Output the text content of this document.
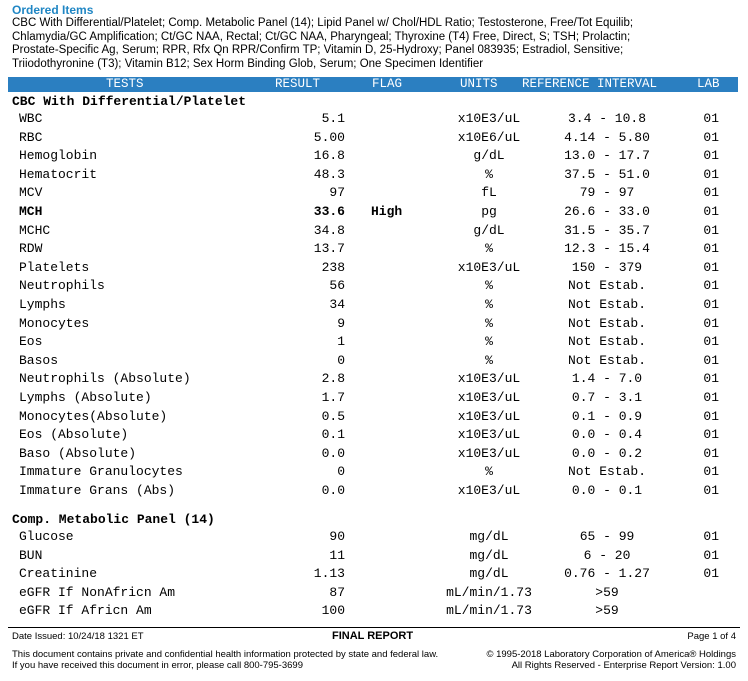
Ordered Items
CBC With Differential/Platelet; Comp. Metabolic Panel (14); Lipid Panel w/ Chol/HDL Ratio; Testosterone, Free/Tot Equilib;
Chlamydia/GC Amplification; Ct/GC NAA, Rectal; Ct/GC NAA, Pharyngeal; Thyroxine (T4) Free, Direct, S; TSH; Prolactin;
Prostate-Specific Ag, Serum; RPR, Rfx Qn RPR/Confirm TP; Vitamin D, 25-Hydroxy; Panel 083935; Estradiol, Sensitive;
Triiodothyronine (T3); Vitamin B12; Sex Horm Binding Glob, Serum; One Specimen Identifier
TESTS	RESULT	FLAG	UNITS REFERENCE INTERVAL	LAB
CBC With Differential/Platelet
WBC	5.1	x10E3/uL	3.4 - 10.8	01
RBC	5.00	x10E6/uL	4.14 - 5.80	01
Hemoglobin	16.8	g/dL	13.0 - 17.7	01
Hematocrit	48.3	%	37.5 - 51.0	01
MCV	97	fL	79 - 97	01
MCH	33.6 High	pg	26.6 - 33.0	01
MCHC	34.8	g/dL	31.5 - 35.7	01
RDW	13.7	%	12.3 - 15.4	01
Platelets	238	x10E3/uL	150 - 379	01
Neutrophils	56	%	Not Estab.	01
Lymphs	34	%	Not Estab.	01
Monocytes	9	%	Not Estab.	01
Eos	1	%	Not Estab.	01
Basos	0	%	Not Estab.	01
Neutrophils (Absolute)	2.8	x10E3/uL	1.4 - 7.0	01
Lymphs (Absolute)	1.7	x10E3/uL	0.7 - 3.1	01
Monocytes(Absolute)	0.5	x10E3/uL	0.1 - 0.9	01
Eos (Absolute)	0.1	x10E3/uL	0.0 - 0.4	01
Baso (Absolute)	0.0	x10E3/uL	0.0 - 0.2	01
Immature Granulocytes	0	%	Not Estab.	01
Immature Grans (Abs)	0.0	x10E3/uL	0.0 - 0.1	01
Comp. Metabolic Panel (14)
Glucose	90	mg/dL	65 - 99	01
BUN	11	mg/dL	6 - 20	01
Creatinine	1.13	mg/dL	0.76 - 1.27	01
eGFR If NonAfricn Am	87	mL/min/1.73	>59
eGFR If Africn Am	100	mL/min/1.73	>59
Date Issued: 10/24/18 1321 ET	FINAL REPORT	Page 1 of 4
This document contains private and confidential health information protected by state and federal law.
If you have received this document in error, please call 800-795-3699
© 1995-2018 Laboratory Corporation of America® Holdings
All Rights Reserved - Enterprise Report Version: 1.00
